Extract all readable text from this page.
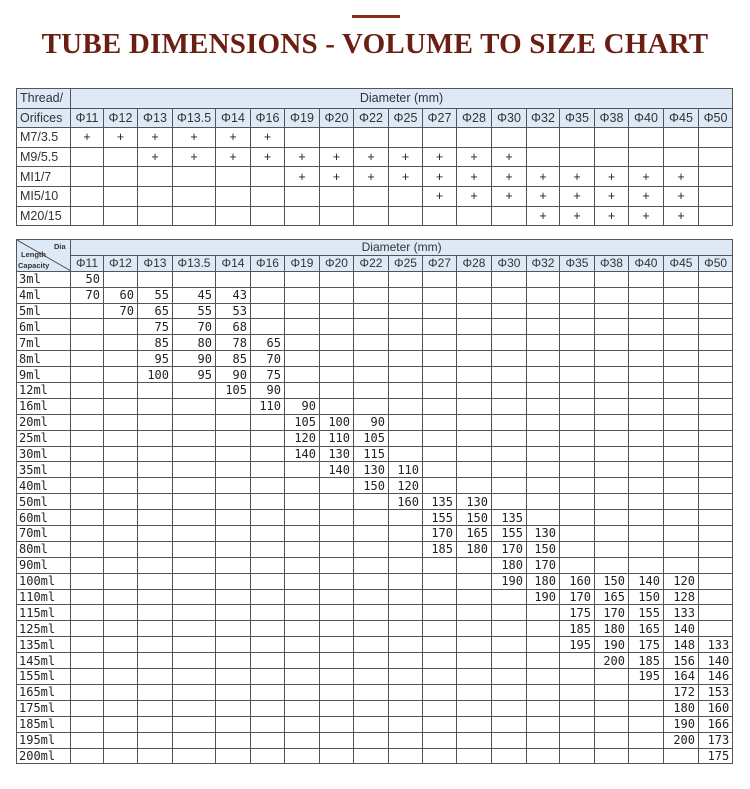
TUBE DIMENSIONS - VOLUME TO SIZE CHART
Thread/	Diameter (mm)																		
Orifices	Φ11	Φ12	Φ13	Φ13.5	Φ14	Φ16	Φ19	Φ20	Φ22	Φ25	Φ27	Φ28	Φ30	Φ32	Φ35	Φ38	Φ40	Φ45	Φ50
M7/3.5	+	+	+	+	+	+													
M9/5.5			+	+	+	+	+	+	+	+	+	+	+						
MI1/7							+	+	+	+	+	+	+	+	+	+	+	+	
MI5/10											+	+	+	+	+	+	+	+	
M20/15														+	+	+	+	+	
Length
Dia
Capacity	Diameter (mm)																		
	Φ11	Φ12	Φ13	Φ13.5	Φ14	Φ16	Φ19	Φ20	Φ22	Φ25	Φ27	Φ28	Φ30	Φ32	Φ35	Φ38	Φ40	Φ45	Φ50
3ml	50																		
4ml	70	60	55	45	43														
5ml		70	65	55	53														
6ml			75	70	68														
7ml			85	80	78	65													
8ml			95	90	85	70													
9ml			100	95	90	75													
12ml					105	90													
16ml						110	90												
20ml							105	100	90										
25ml							120	110	105										
30ml							140	130	115										
35ml								140	130	110									
40ml									150	120									
50ml										160	135	130							
60ml											155	150	135						
70ml											170	165	155	130					
80ml											185	180	170	150					
90ml													180	170					
100ml													190	180	160	150	140	120	
110ml														190	170	165	150	128	
115ml															175	170	155	133	
125ml															185	180	165	140	
135ml															195	190	175	148	133
145ml																200	185	156	140
155ml																	195	164	146
165ml																		172	153
175ml																		180	160
185ml																		190	166
195ml																		200	173
200ml																			175
